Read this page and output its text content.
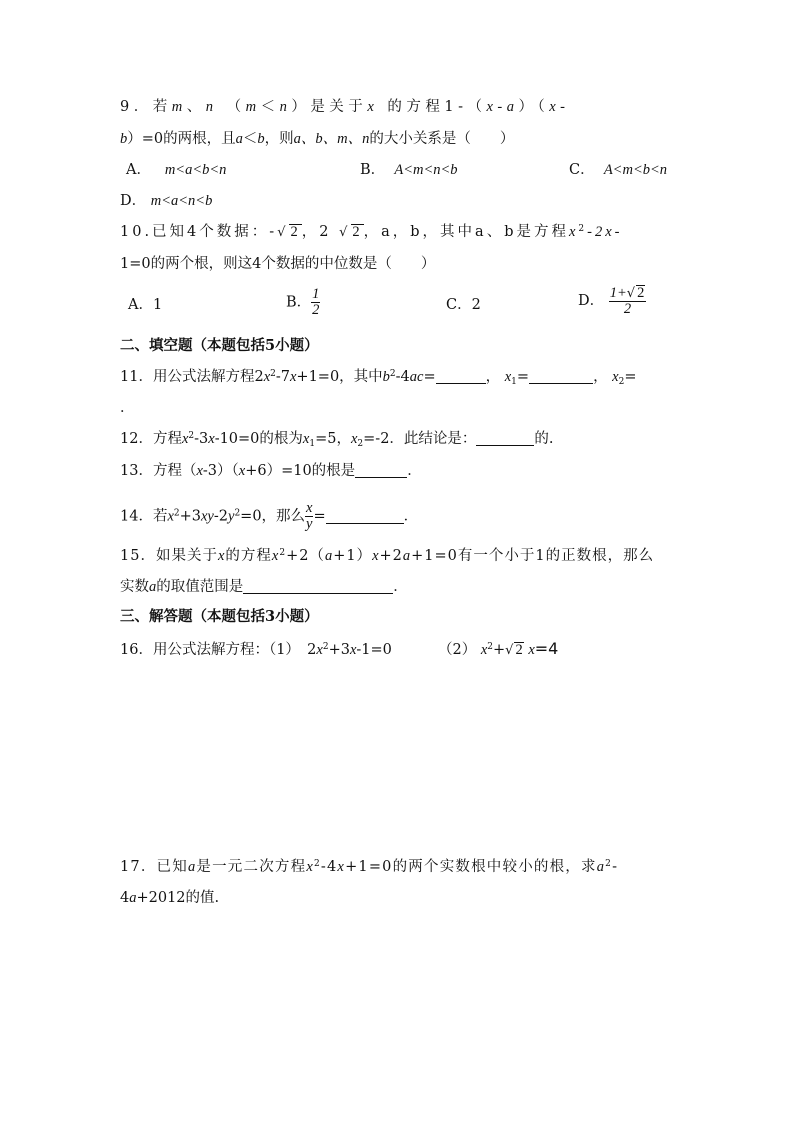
9．若m、n （m＜n）是关于x 的方程1-（x-a）（x-
b）=0的两根，且a＜b，则a、b、m、n的大小关系是（　　）
A． m<a<b<n	B． A<m<n<b	C． A<m<b<n
D． m<a<n<b
10.已知4个数据：-√ 2，2 √ 2，a，b，其中a、b是方程$x^2-2x-$
1=0的两个根，则这4个数据的中位数是（　　）
A．1	B． $\frac{1}{2}$	C．2	D． $\frac{1+√ 2}{2}$
二、填空题（本题包括5小题）
11．用公式法解方程$2x^2-7x+1=0$，其中$b^2-4ac=$	， $x_1=$	， $x_2=$
．
12．方程$x^2-3x-10=0$的根为$x_1=5$，$x_2=-2$．此结论是：	的.
13．方程（x-3）（x+6）=10的根是	．
14．若$x^2+3xy-2y^2=0$，那么 $\frac{x}{y}$ =	．
15．如果关于x的方程$x^2+2(a+1)x+2a+1=0$有一个小于1的正数根，那么
实数a的取值范围是	．
三、解答题（本题包括3小题）
16．用公式法解方程：（1）　$2x^2+3x-1=0$	（2） $x^2+√$ 2 x=4
17．已知a是一元二次方程$x^2-4x+1=0$的两个实数根中较小的根，求$a^2-$
4a+2012的值.
